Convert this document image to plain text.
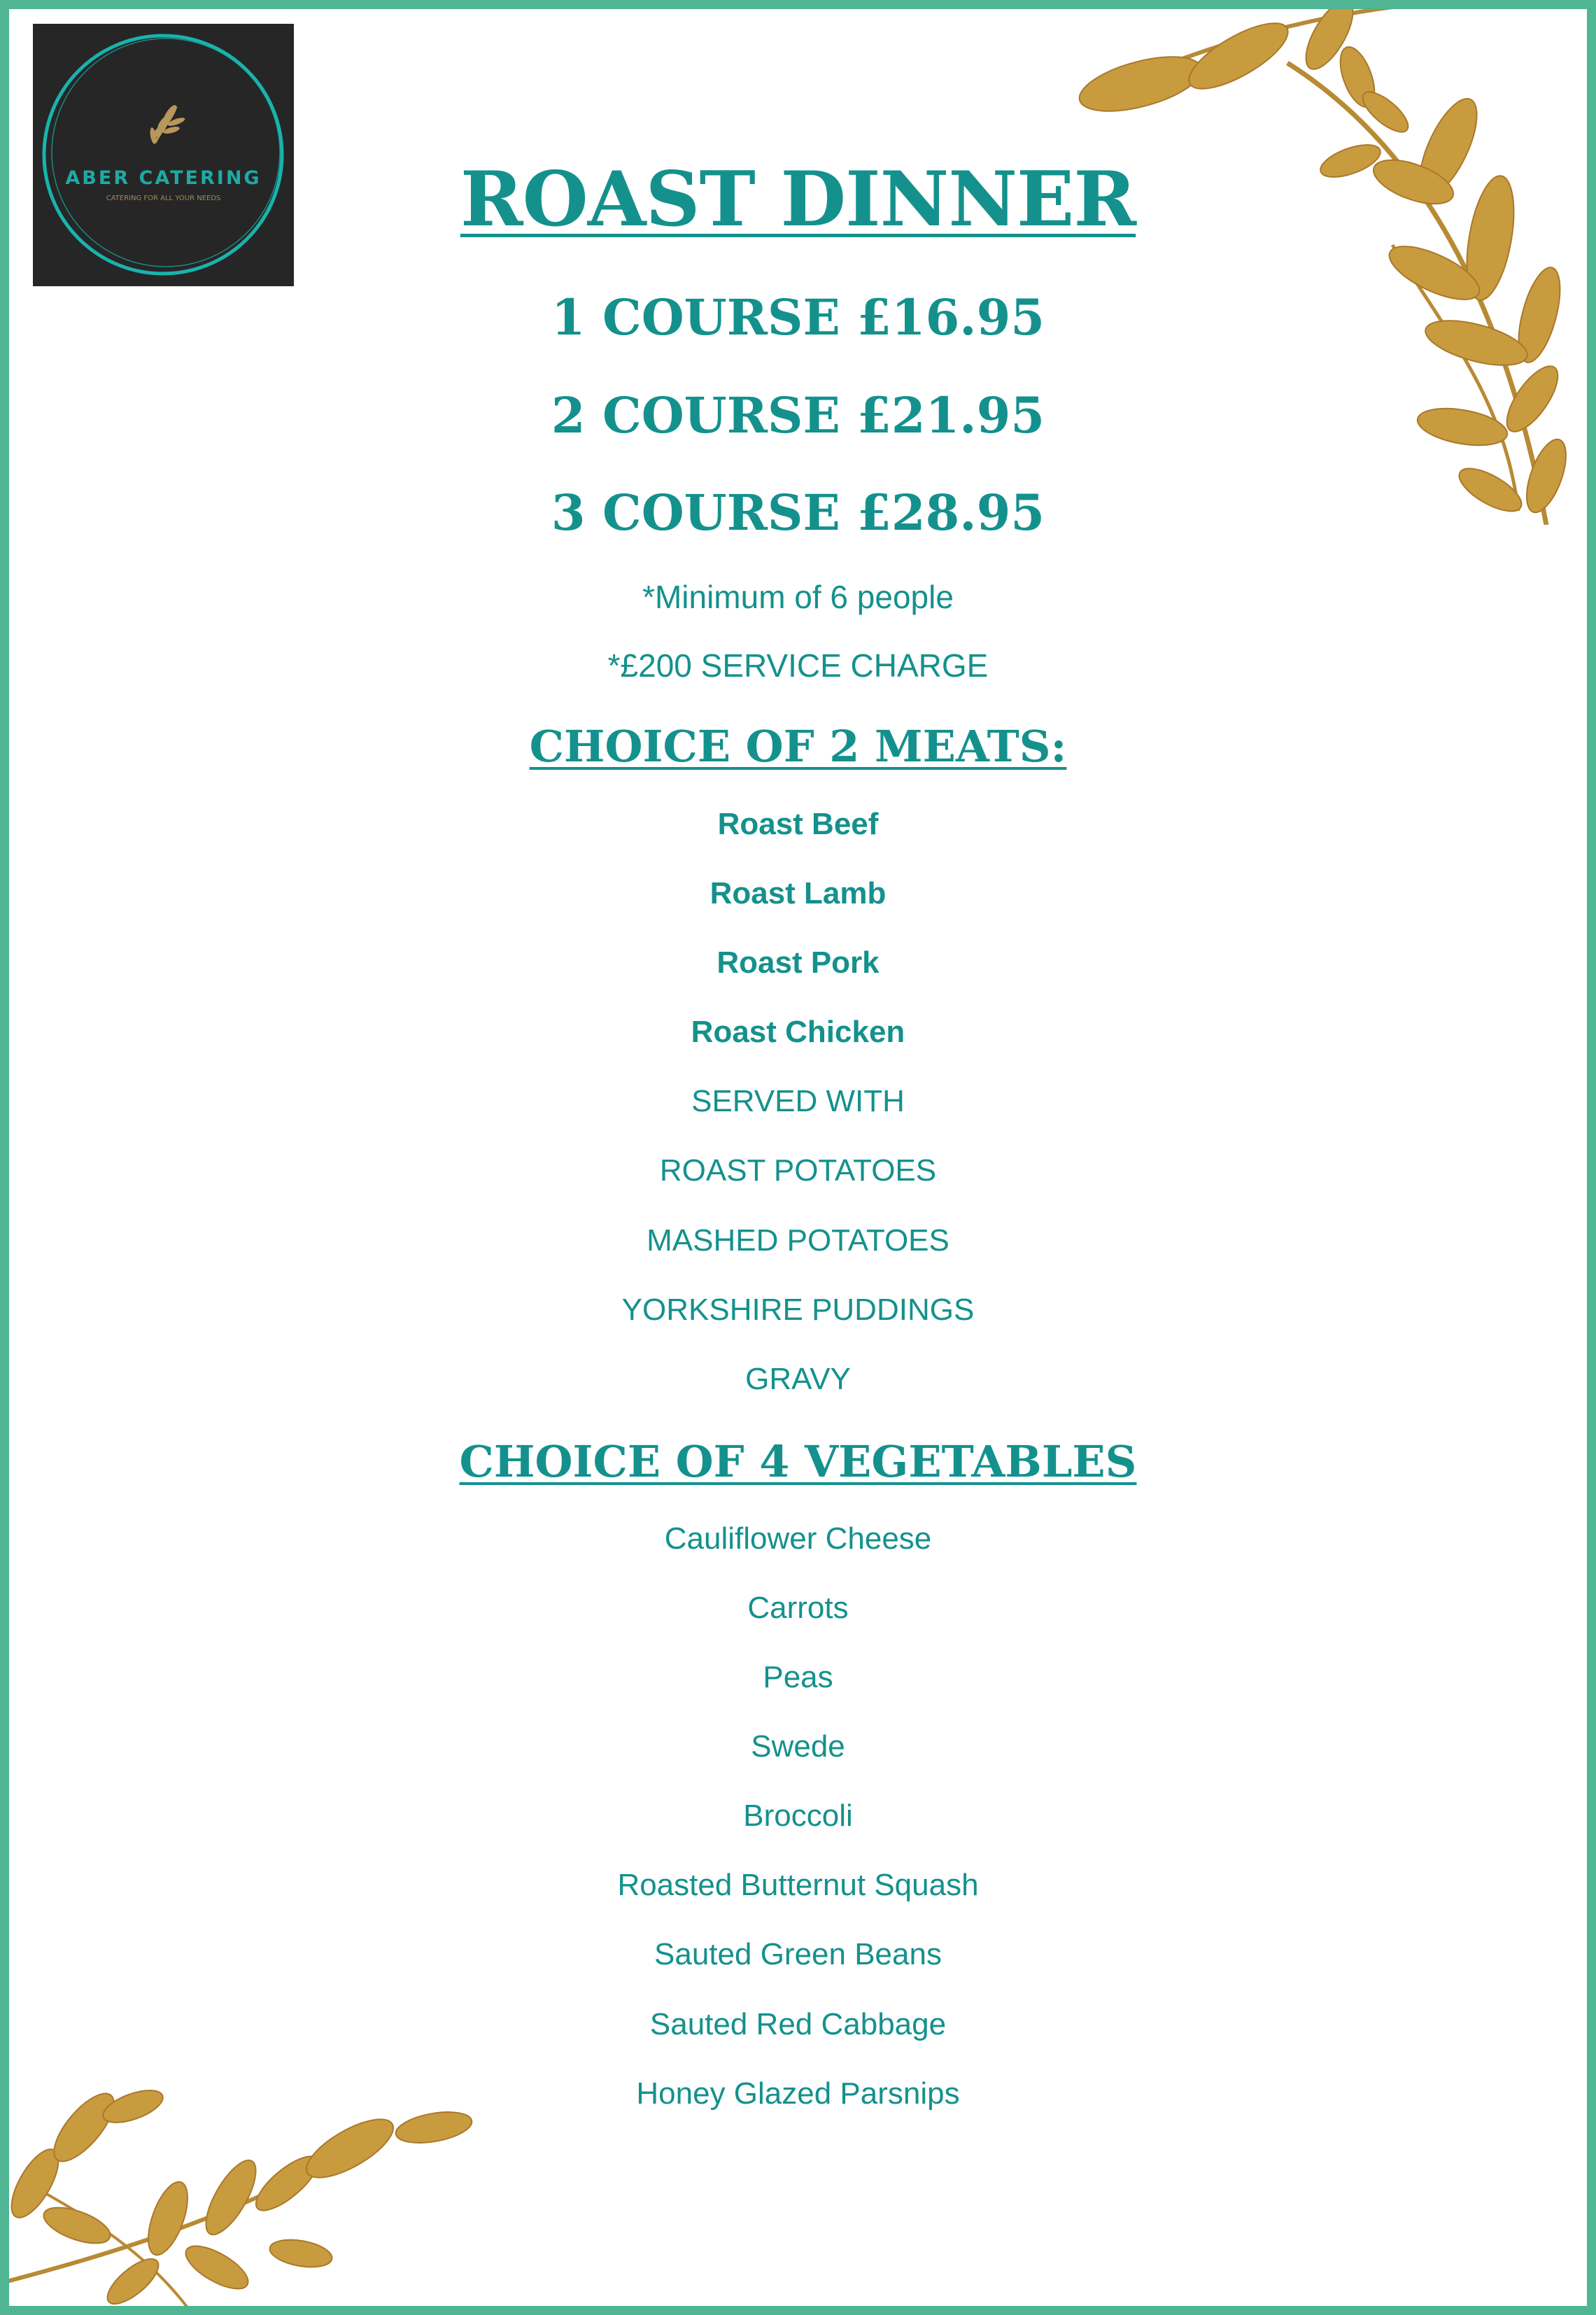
ABER CATERING
CATERING FOR ALL YOUR NEEDS	ROAST DINNER
1 COURSE £16.95
2 COURSE £21.95
3 COURSE £28.95
*Minimum of 6 people
*£200 SERVICE CHARGE
CHOICE OF 2 MEATS:
Roast Beef
Roast Lamb
Roast Pork
Roast Chicken
SERVED WITH
ROAST POTATOES
MASHED POTATOES
YORKSHIRE PUDDINGS
GRAVY
CHOICE OF 4 VEGETABLES
Cauliflower Cheese
Carrots
Peas
Swede
Broccoli
Roasted Butternut Squash
Sauted Green Beans
Sauted Red Cabbage
Honey Glazed Parsnips
